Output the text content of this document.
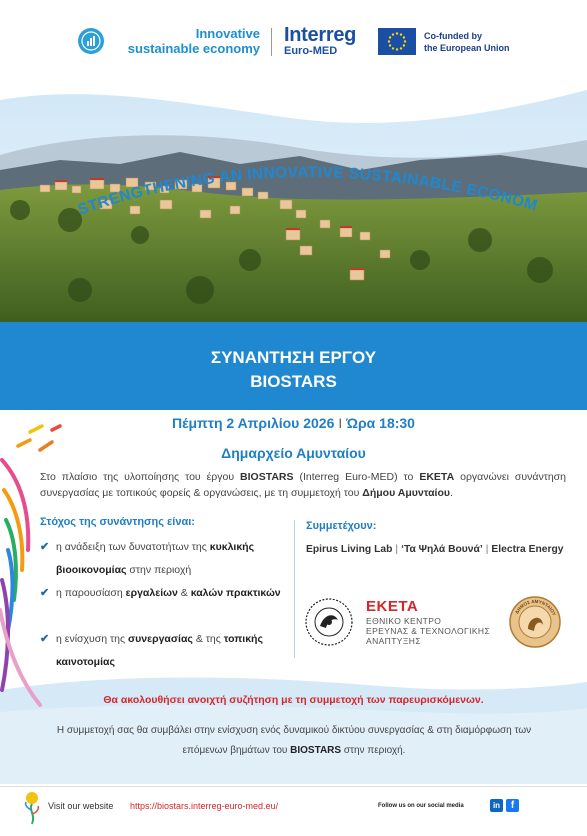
Innovative
sustainable economy
Interreg
Euro-MED
Co-funded by
the European Union
STRENGTHENING AN INNOVATIVE SUSTAINABLE ECONOM
ΣΥΝΑΝΤΗΣΗ ΕΡΓΟΥ
BIOSTARS
Πέμπτη 2 Απριλίου 2026 I Ώρα 18:30
Δημαρχείο Αμυνταίου
Στο πλαίσιο της υλοποίησης του έργου BIOSTARS (Interreg Euro-MED) το ΕΚΕΤΑ οργανώνει συνάντηση συνεργασίας με τοπικούς φορείς & οργανώσεις, με τη συμμετοχή του Δήμου Αμυνταίου.
Στόχος της συνάντησης είναι:
✔ η ανάδειξη των δυνατοτήτων της κυκλικής βιοοικονομίας στην περιοχή
✔ η παρουσίαση εργαλείων & καλών πρακτικών
✔ η ενίσχυση της συνεργασίας & της τοπικής καινοτομίας
Συμμετέχουν:
Epirus Living Lab | ‘Τα Ψηλά Βουνά’ | Electra Energy
ΕΚΕΤΑ
ΕΘΝΙΚΟ ΚΕΝΤΡΟ
ΕΡΕΥΝΑΣ & ΤΕΧΝΟΛΟΓΙΚΗΣ
ΑΝΑΠΤΥΞΗΣ
ΔΗΜΟΣ ΑΜΥΝΤΑΙΟΥ
Θα ακολουθήσει ανοιχτή συζήτηση με τη συμμετοχή των παρευρισκόμενων.
Η συμμετοχή σας θα συμβάλει στην ενίσχυση ενός δυναμικού δικτύου συνεργασίας & στη διαμόρφωση των επόμενων βημάτων του BIOSTARS στην περιοχή.
Visit our website https://biostars.interreg-euro-med.eu/	Follow us on our social media	in	f
